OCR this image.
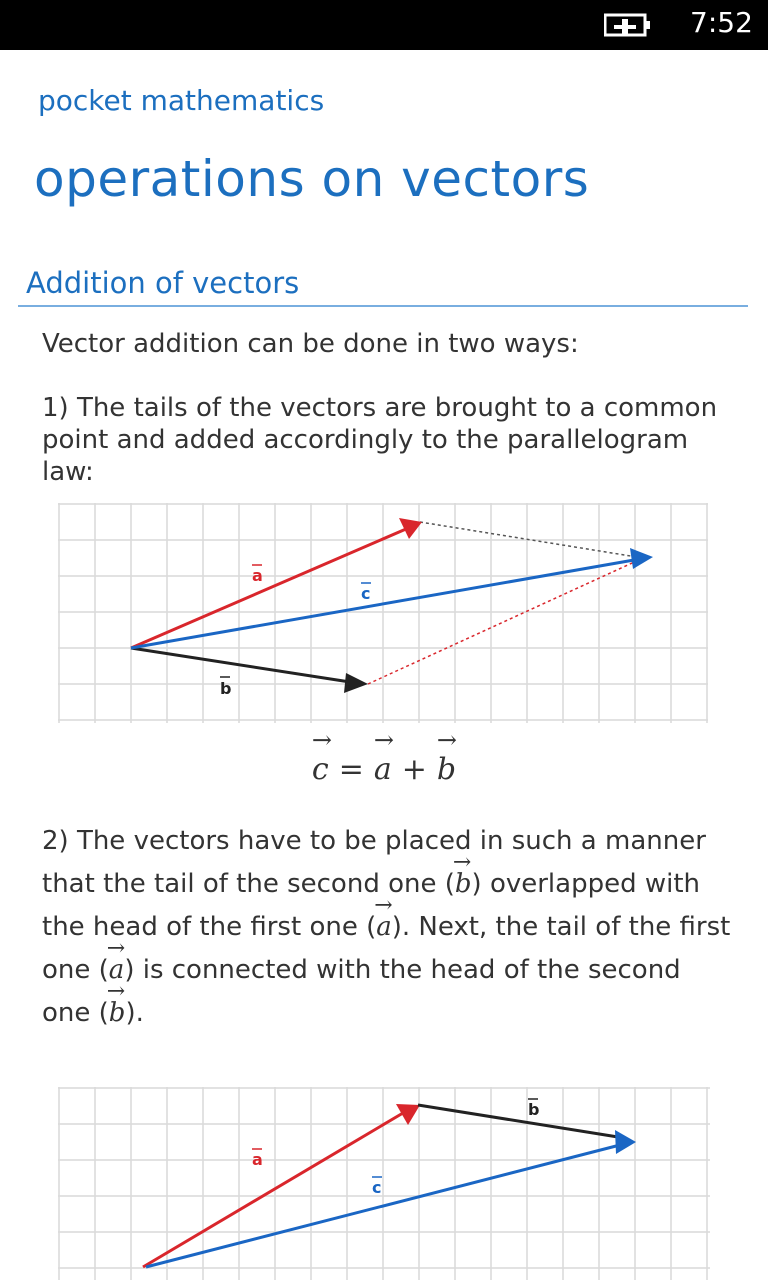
7:52
pocket mathematics
operations on vectors
Addition of vectors
Vector addition can be done in two ways:
1) The tails of the vectors are brought to a common point and added accordingly to the parallelogram law:
a
c
b
→ c = → a + → b
2) The vectors have to be placed in such a manner that the tail of the second one (→ b) overlapped with the head of the first one (→ a). Next, the tail of the first one (→ a) is connected with the head of the second one (→ b).
a
c
b
